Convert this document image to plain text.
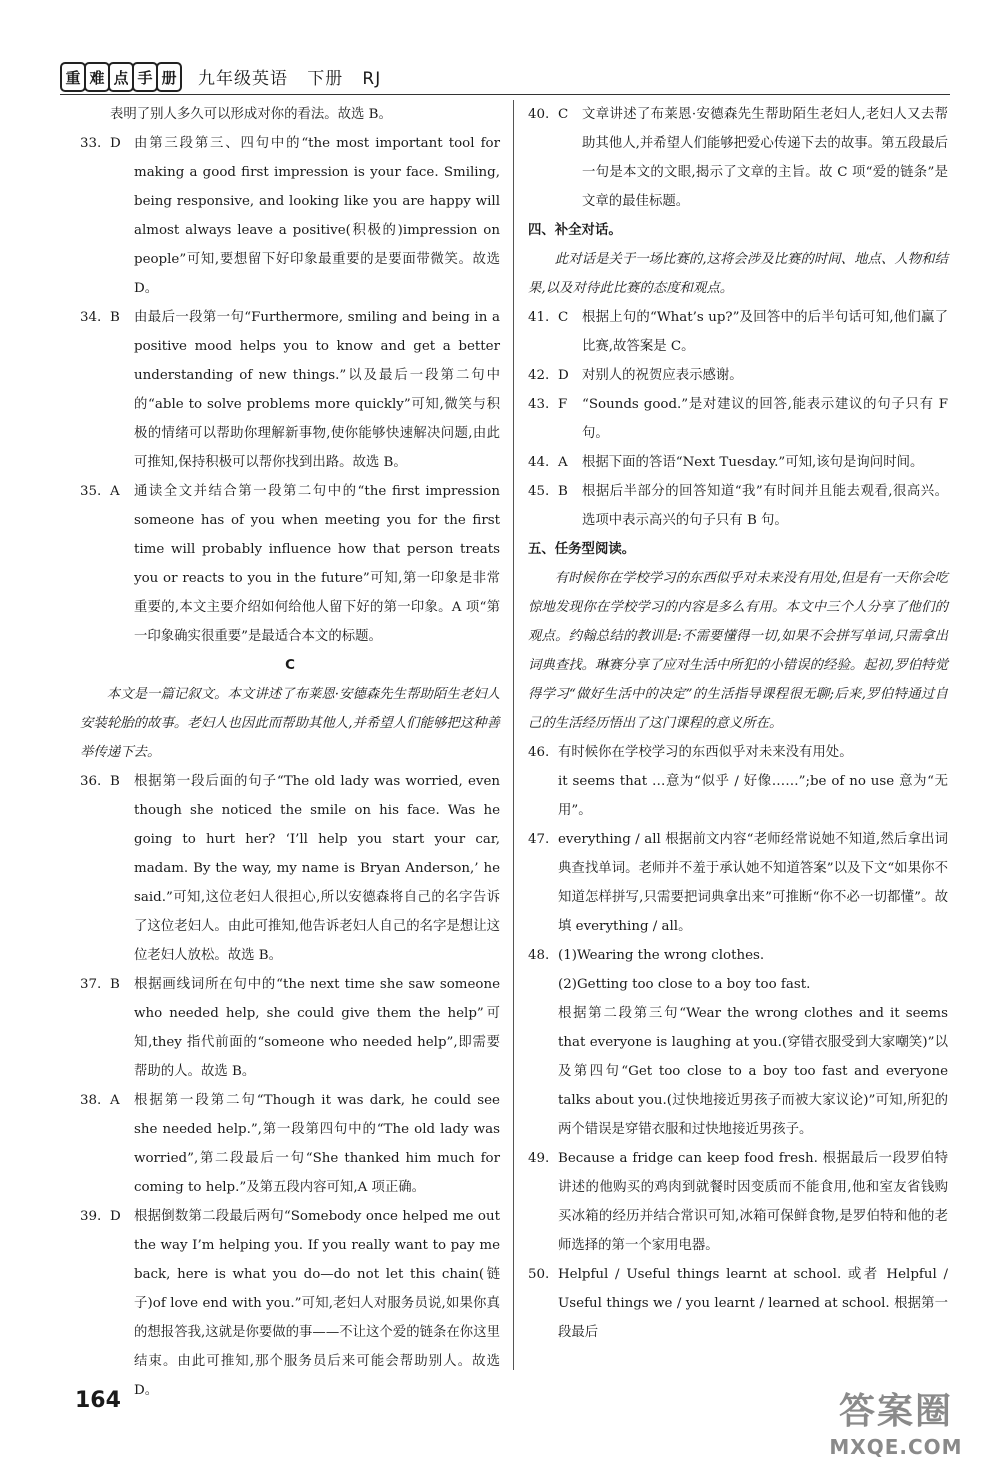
重 难 点 手 册	九年级英语   下册   RJ

表明了别人多久可以形成对你的看法。故选 B。

33. D 由第三段第三、四句中的“the most important tool for making a good first impression is your face. Smiling, being responsive, and looking like you are happy will almost always leave a positive(积极的)impression on people”可知,要想留下好印象最重要的是要面带微笑。故选 D。
34. B	由最后一段第一句“Furthermore, smiling and being in a positive mood helps you to know and get a better understanding of new things.”以及最后一段第二句中的“able to solve problems more quickly”可知,微笑与积极的情绪可以帮助你理解新事物,使你能够快速解决问题,由此可推知,保持积极可以帮你找到出路。故选 B。
35. A	通读全文并结合第一段第二句中的“the first impression someone has of you when meeting you for the first time will probably influence how that person treats you or reacts to you in the future”可知,第一印象是非常重要的,本文主要介绍如何给他人留下好的第一印象。A 项“第一印象确实很重要”是最适合本文的标题。

C

本文是一篇记叙文。本文讲述了布莱恩·安德森先生帮助陌生老妇人安装轮胎的故事。老妇人也因此而帮助其他人,并希望人们能够把这种善举传递下去。

36. B	根据第一段后面的句子“The old lady was worried, even though she noticed the smile on his face. Was he going to hurt her? ‘I’ll help you start your car, madam. By the way, my name is Bryan Anderson,’ he said.”可知,这位老妇人很担心,所以安德森将自己的名字告诉了这位老妇人。由此可推知,他告诉老妇人自己的名字是想让这位老妇人放松。故选 B。
37. B	根据画线词所在句中的“the next time she saw someone who needed help, she could give them the help”可知,they 指代前面的“someone who needed help”,即需要帮助的人。故选 B。
38. A	根据第一段第二句“Though it was dark, he could see she needed help.”,第一段第四句中的“The old lady was worried”,第二段最后一句“She thanked him much for coming to help.”及第五段内容可知,A 项正确。
39. D 根据倒数第二段最后两句“Somebody once helped me out the way I’m helping you. If you really want to pay me back, here is what you do—do not let this chain(链子)of love end with you.”可知,老妇人对服务员说,如果你真的想报答我,这就是你要做的事——不让这个爱的链条在你这里结束。由此可推知,那个服务员后来可能会帮助别人。故选 D。
40. C	文章讲述了布莱恩·安德森先生帮助陌生老妇人,老妇人又去帮助其他人,并希望人们能够把爱心传递下去的故事。第五段最后一句是本文的文眼,揭示了文章的主旨。故 C 项“爱的链条”是文章的最佳标题。

四、补全对话。

此对话是关于一场比赛的,这将会涉及比赛的时间、地点、人物和结果,以及对待此比赛的态度和观点。

41. C	根据上句的“What’s up?”及回答中的后半句话可知,他们赢了比赛,故答案是 C。
42. D 对别人的祝贺应表示感谢。
43. F	“Sounds good.”是对建议的回答,能表示建议的句子只有 F 句。
44. A	根据下面的答语“Next Tuesday.”可知,该句是询问时间。
45. B	根据后半部分的回答知道“我”有时间并且能去观看,很高兴。选项中表示高兴的句子只有 B 句。

五、任务型阅读。

有时候你在学校学习的东西似乎对未来没有用处,但是有一天你会吃惊地发现你在学校学习的内容是多么有用。本文中三个人分享了他们的观点。约翰总结的教训是:不需要懂得一切,如果不会拼写单词,只需拿出词典查找。琳赛分享了应对生活中所犯的小错误的经验。起初,罗伯特觉得学习“做好生活中的决定”的生活指导课程很无聊;后来,罗伯特通过自己的生活经历悟出了这门课程的意义所在。

46. 有时候你在学校学习的东西似乎对未来没有用处。
it seems that …意为“似乎 / 好像……”;be of no use 意为“无用”。
47. everything / all 根据前文内容“老师经常说她不知道,然后拿出词典查找单词。老师并不羞于承认她不知道答案”以及下文“如果你不知道怎样拼写,只需要把词典拿出来”可推断“你不必一切都懂”。故填 everything / all。
48. (1)Wearing the wrong clothes.
(2)Getting too close to a boy too fast.
根据第二段第三句“Wear the wrong clothes and it seems that everyone is laughing at you.(穿错衣服受到大家嘲笑)”以及第四句“Get too close to a boy too fast and everyone talks about you.(过快地接近男孩子而被大家议论)”可知,所犯的两个错误是穿错衣服和过快地接近男孩子。
49. Because a fridge can keep food fresh. 根据最后一段罗伯特讲述的他购买的鸡肉到就餐时因变质而不能食用,他和室友省钱购买冰箱的经历并结合常识可知,冰箱可保鲜食物,是罗伯特和他的老师选择的第一个家用电器。
50. Helpful / Useful things learnt at school. 或者 Helpful / Useful things we / you learnt / learned at school. 根据第一段最后
164	答案圈
MXQE.COM
